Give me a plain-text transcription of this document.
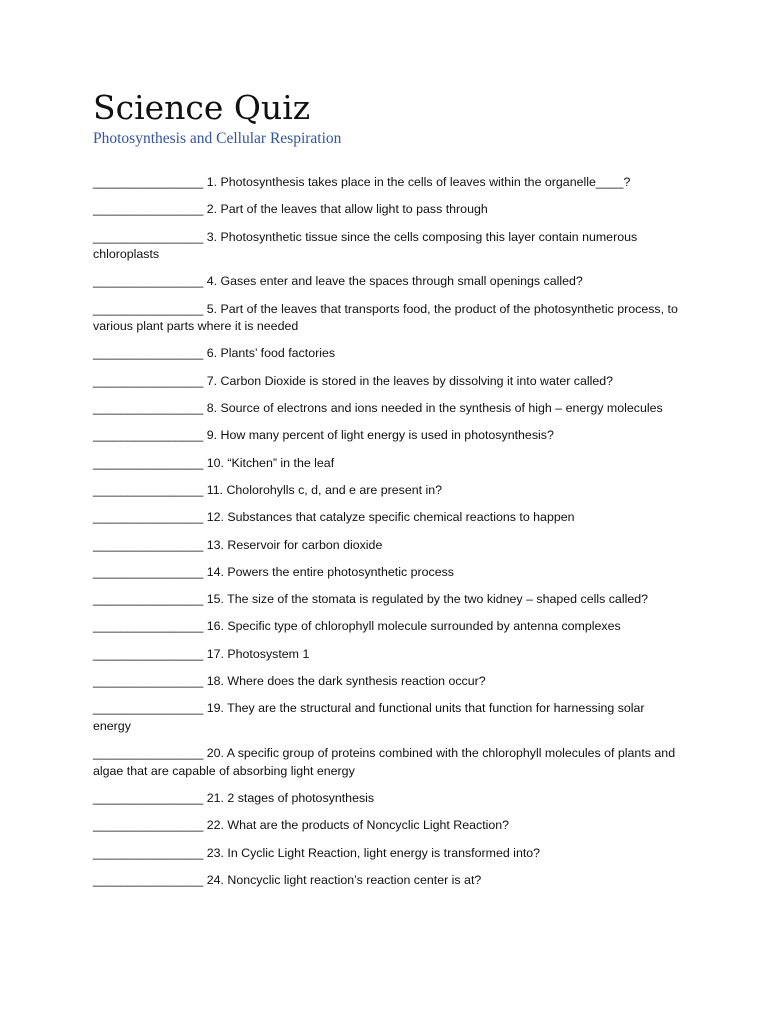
Science Quiz
Photosynthesis and Cellular Respiration
________________ 1. Photosynthesis takes place in the cells of leaves within the organelle____?
________________ 2. Part of the leaves that allow light to pass through
________________ 3. Photosynthetic tissue since the cells composing this layer contain numerous chloroplasts
________________ 4. Gases enter and leave the spaces through small openings called?
________________ 5. Part of the leaves that transports food, the product of the photosynthetic process, to various plant parts where it is needed
________________ 6. Plants’ food factories
________________ 7. Carbon Dioxide is stored in the leaves by dissolving it into water called?
________________ 8. Source of electrons and ions needed in the synthesis of high – energy molecules
________________ 9. How many percent of light energy is used in photosynthesis?
________________ 10. “Kitchen” in the leaf
________________ 11. Cholorohylls c, d, and e are present in?
________________ 12. Substances that catalyze specific chemical reactions to happen
________________ 13. Reservoir for carbon dioxide
________________ 14. Powers the entire photosynthetic process
________________ 15. The size of the stomata is regulated by the two kidney – shaped cells called?
________________ 16. Specific type of chlorophyll molecule surrounded by antenna complexes
________________ 17. Photosystem 1
________________ 18. Where does the dark synthesis reaction occur?
________________ 19. They are the structural and functional units that function for harnessing solar energy
________________ 20. A specific group of proteins combined with the chlorophyll molecules of plants and algae that are capable of absorbing light energy
________________ 21. 2 stages of photosynthesis
________________ 22. What are the products of Noncyclic Light Reaction?
________________ 23. In Cyclic Light Reaction, light energy is transformed into?
________________ 24. Noncyclic light reaction’s reaction center is at?
